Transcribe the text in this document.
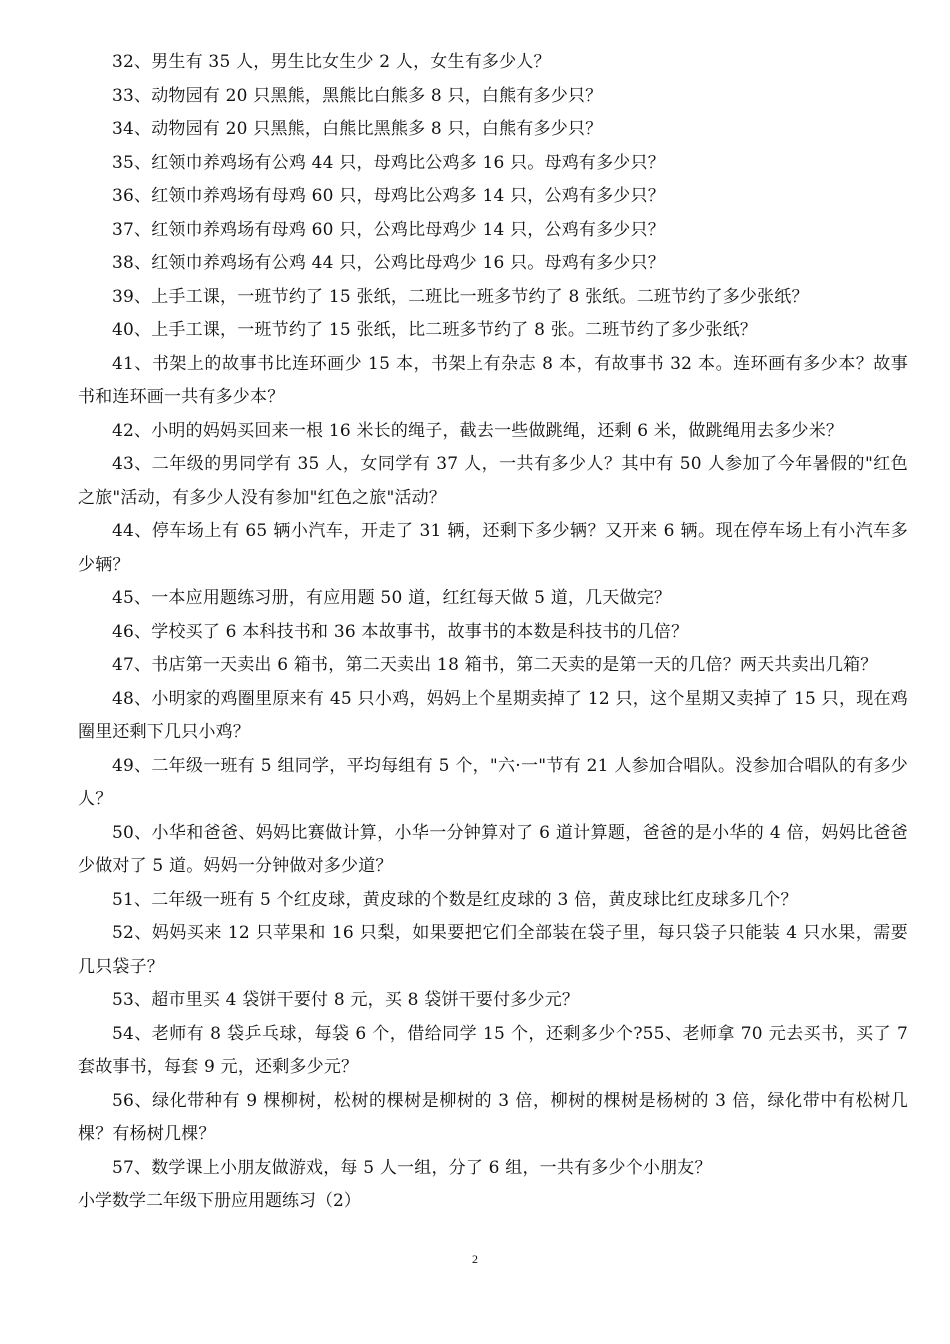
32、男生有 35 人，男生比女生少 2 人，女生有多少人？

33、动物园有 20 只黑熊，黑熊比白熊多 8 只，白熊有多少只？

34、动物园有 20 只黑熊，白熊比黑熊多 8 只，白熊有多少只？

35、红领巾养鸡场有公鸡 44 只，母鸡比公鸡多 16 只。母鸡有多少只？

36、红领巾养鸡场有母鸡 60 只，母鸡比公鸡多 14 只，公鸡有多少只？

37、红领巾养鸡场有母鸡 60 只，公鸡比母鸡少 14 只，公鸡有多少只？

38、红领巾养鸡场有公鸡 44 只，公鸡比母鸡少 16 只。母鸡有多少只？

39、上手工课，一班节约了 15 张纸，二班比一班多节约了 8 张纸。二班节约了多少张纸？

40、上手工课，一班节约了 15 张纸，比二班多节约了 8 张。二班节约了多少张纸？

41、书架上的故事书比连环画少 15 本，书架上有杂志 8 本，有故事书 32 本。连环画有多少本？故事书和连环画一共有多少本？

42、小明的妈妈买回来一根 16 米长的绳子，截去一些做跳绳，还剩 6 米，做跳绳用去多少米？

43、二年级的男同学有 35 人，女同学有 37 人，一共有多少人？其中有 50 人参加了今年暑假的"红色之旅"活动，有多少人没有参加"红色之旅"活动？

44、停车场上有 65 辆小汽车，开走了 31 辆，还剩下多少辆？又开来 6 辆。现在停车场上有小汽车多少辆？

45、一本应用题练习册，有应用题 50 道，红红每天做 5 道，几天做完？

46、学校买了 6 本科技书和 36 本故事书，故事书的本数是科技书的几倍？

47、书店第一天卖出 6 箱书，第二天卖出 18 箱书，第二天卖的是第一天的几倍？两天共卖出几箱？

48、小明家的鸡圈里原来有 45 只小鸡，妈妈上个星期卖掉了 12 只，这个星期又卖掉了 15 只，现在鸡圈里还剩下几只小鸡？

49、二年级一班有 5 组同学，平均每组有 5 个，"六·一"节有 21 人参加合唱队。没参加合唱队的有多少人？

50、小华和爸爸、妈妈比赛做计算，小华一分钟算对了 6 道计算题，爸爸的是小华的 4 倍，妈妈比爸爸少做对了 5 道。妈妈一分钟做对多少道？

51、二年级一班有 5 个红皮球，黄皮球的个数是红皮球的 3 倍，黄皮球比红皮球多几个？

52、妈妈买来 12 只苹果和 16 只梨，如果要把它们全部装在袋子里，每只袋子只能装 4 只水果，需要几只袋子？

53、超市里买 4 袋饼干要付 8 元，买 8 袋饼干要付多少元？

54、老师有 8 袋乒乓球，每袋 6 个，借给同学 15 个，还剩多少个?55、老师拿 70 元去买书，买了 7 套故事书，每套 9 元，还剩多少元？

56、绿化带种有 9 棵柳树，松树的棵树是柳树的 3 倍，柳树的棵树是杨树的 3 倍，绿化带中有松树几棵？有杨树几棵？

57、数学课上小朋友做游戏，每 5 人一组，分了 6 组，一共有多少个小朋友？

小学数学二年级下册应用题练习（2）

2
